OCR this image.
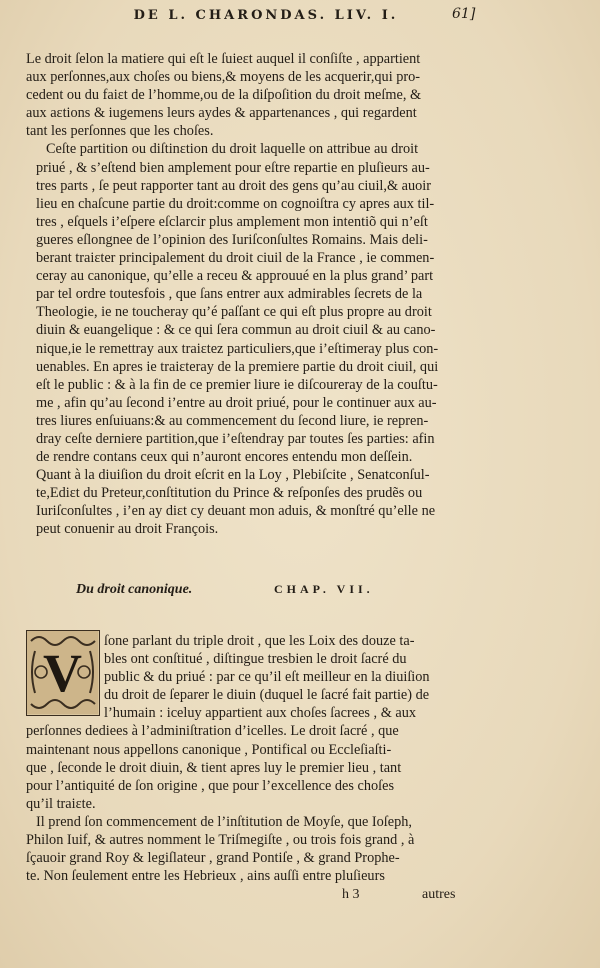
DE L. CHARONDAS. LIV. I.	61]
Le droit ſelon la matiere qui eſt le ſuieɛt auquel il conſiſte , appartient
aux perſonnes,aux choſes ou biens,& moyens de les acquerir,qui pro-
cedent ou du faiɛt de l’homme,ou de la diſpoſition du droit meſme, &
aux aɛtions & iugemens leurs aydes & appartenances , qui regardent
tant les perſonnes que les choſes.
Ceſte partition ou diſtinɛtion du droit laquelle on attribue au droit
priué , & s’eſtend bien amplement pour eſtre repartie en pluſieurs au-
tres parts , ſe peut rapporter tant au droit des gens qu’au ciuil,& auoir
lieu en chaſcune partie du droit:comme on cognoiſtra cy apres aux til-
tres , eſquels i’eſpere eſclarcir plus amplement mon intentiõ qui n’eſt
gueres eſlongnee de l’opinion des Iuriſconſultes Romains. Mais deli-
berant traiɛter principalement du droit ciuil de la France , ie commen-
ceray au canonique, qu’elle a receu & approuué en la plus grand’ part
par tel ordre toutesfois , que ſans entrer aux admirables ſecrets de la
Theologie, ie ne toucheray qu’é paſſant ce qui eſt plus propre au droit
diuin & euangelique : & ce qui ſera commun au droit ciuil & au cano-
nique,ie le remettray aux traiɛtez particuliers,que i’eſtimeray plus con-
uenables. En apres ie traiɛteray de la premiere partie du droit ciuil, qui
eſt le public : & à la fin de ce premier liure ie diſcoureray de la couſtu-
me , afin qu’au ſecond i’entre au droit priué, pour le continuer aux au-
tres liures enſuiuans:& au commencement du ſecond liure, ie repren-
dray ceſte derniere partition,que i’eſtendray par toutes ſes parties: afin
de rendre contans ceux qui n’auront encores entendu mon deſſein.
Quant à la diuiſion du droit eſcrit en la Loy , Plebiſcite , Senatconſul-
te,Ediɛt du Preteur,conſtitution du Prince & reſponſes des prudẽs ou
Iuriſconſultes , i’en ay diɛt cy deuant mon aduis, & monſtré qu’elle ne
peut conuenir au droit François.
Du droit canonique.	CHAP. VII.
V
ſone parlant du triple droit , que les Loix des douze ta-
bles ont conſtitué , diſtingue tresbien le droit ſacré du
public & du priué : par ce qu’il eſt meilleur en la diuiſion
du droit de ſeparer le diuin (duquel le ſacré fait partie) de
l’humain : iceluy appartient aux choſes ſacrees , & aux
perſonnes dediees à l’adminiſtration d’icelles. Le droit ſacré , que
maintenant nous appellons canonique , Pontifical ou Eccleſiaſti-
que , ſeconde le droit diuin, & tient apres luy le premier lieu , tant
pour l’antiquité de ſon origine , que pour l’excellence des choſes
qu’il traiɛte.
Il prend ſon commencement de l’inſtitution de Moyſe, que Ioſeph,
Philon Iuif, & autres nomment le Triſmegiſte , ou trois fois grand , à
ſçauoir grand Roy & legiſlateur , grand Pontiſe , & grand Prophe-
te. Non ſeulement entre les Hebrieux , ains auſſi entre pluſieurs
h 3	autres
